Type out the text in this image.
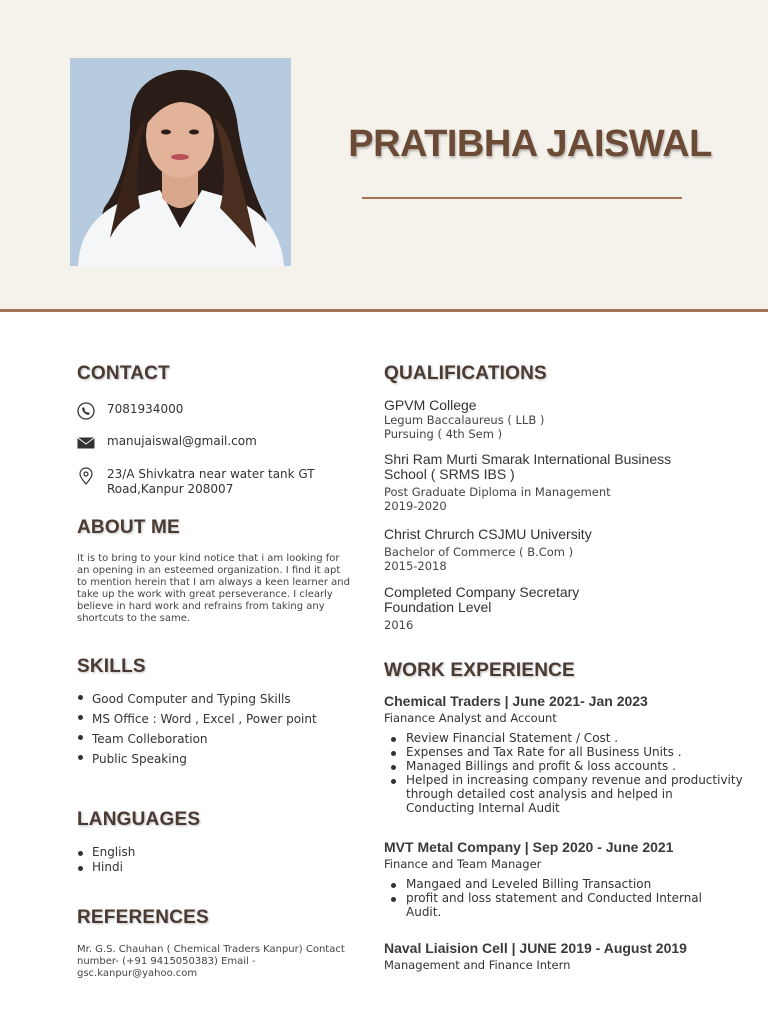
PRATIBHA JAISWAL
CONTACT
7081934000
manujaiswal@gmail.com
23/A Shivkatra near water tank GT
Road,Kanpur 208007
ABOUT ME
It is to bring to your kind notice that i am looking for
an opening in an esteemed organization. I find it apt
to mention herein that I am always a keen learner and
take up the work with great perseverance. I clearly
believe in hard work and refrains from taking any
shortcuts to the same.
SKILLS
Good Computer and Typing Skills
MS Office : Word , Excel , Power point
Team Colleboration
Public Speaking
LANGUAGES
English
Hindi
REFERENCES
Mr. G.S. Chauhan ( Chemical Traders Kanpur) Contact
number- (+91 9415050383) Email -
gsc.kanpur@yahoo.com
QUALIFICATIONS
GPVM College
Legum Baccalaureus ( LLB )
Pursuing ( 4th Sem )
Shri Ram Murti Smarak International Business
School ( SRMS IBS )
Post Graduate Diploma in Management
2019-2020
Christ Chrurch CSJMU University
Bachelor of Commerce ( B.Com )
2015-2018
Completed Company Secretary
Foundation Level
2016
WORK EXPERIENCE
Chemical Traders | June 2021- Jan 2023
Fianance Analyst and Account
Review Financial Statement / Cost .
Expenses and Tax Rate for all Business Units .
Managed Billings and profit & loss accounts .
Helped in increasing company revenue and productivity
through detailed cost analysis and helped in
Conducting Internal Audit
MVT Metal Company | Sep 2020 - June 2021
Finance and Team Manager
Mangaed and Leveled Billing Transaction
profit and loss statement and Conducted Internal
Audit.
Naval Liaision Cell | JUNE 2019 - August 2019
Management and Finance Intern
